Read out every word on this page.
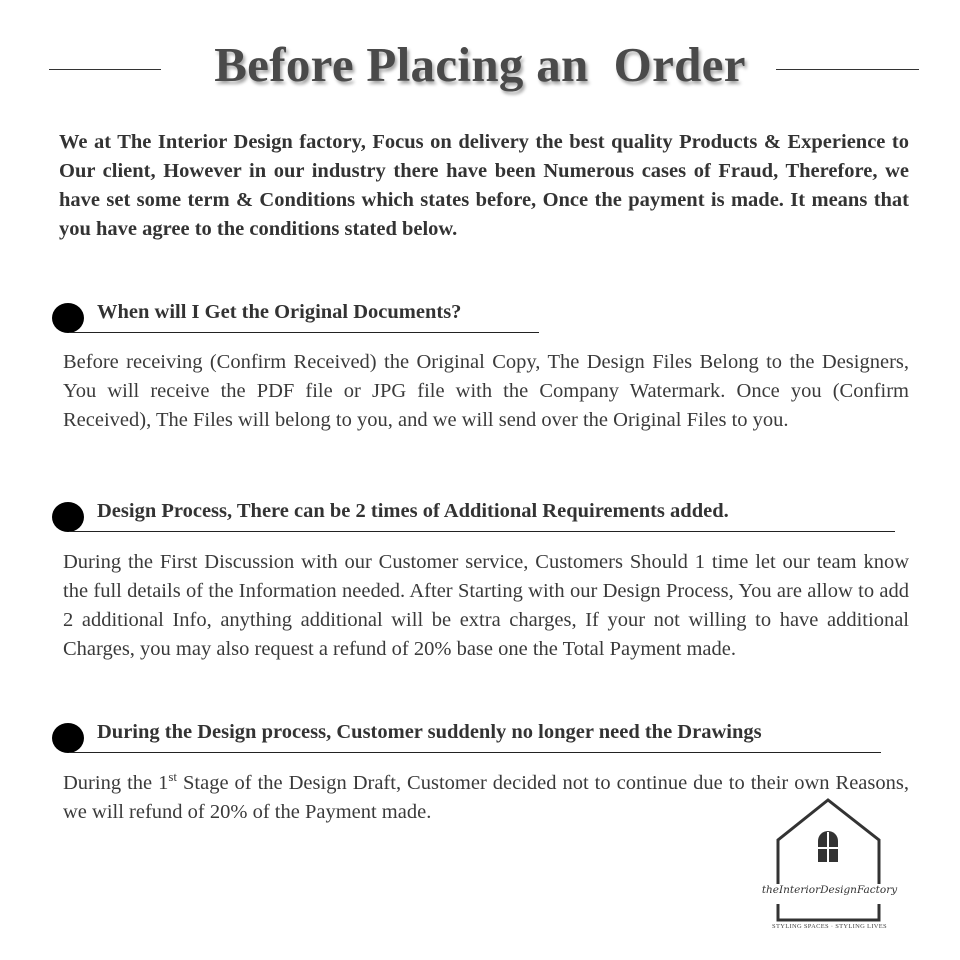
Before Placing an  Order
We at The Interior Design factory, Focus on delivery the best quality Products & Experience to Our client, However in our industry there have been Numerous cases of Fraud, Therefore, we have set some term & Conditions which states before, Once the payment is made. It means that you have agree to the conditions stated below.
When will I Get the Original Documents?
Before receiving (Confirm Received) the Original Copy, The Design Files Belong to the Designers, You will receive the PDF file or JPG file with the Company Watermark. Once you (Confirm Received), The Files will belong to you, and we will send over the Original Files to you.
Design Process, There can be 2 times of Additional Requirements added.
During the First Discussion with our Customer service, Customers Should 1 time let our team know the full details of the Information needed. After Starting with our Design Process, You are allow to add 2 additional Info, anything additional will be extra charges, If your not willing to have additional Charges, you may also request a refund of 20% base one the Total Payment made.
During the Design process, Customer suddenly no longer need the Drawings
During the 1st Stage of the Design Draft, Customer decided not to continue due to their own Reasons, we will refund of 20% of the Payment made.
theInteriorDesignFactory
STYLING SPACES · STYLING LIVES
